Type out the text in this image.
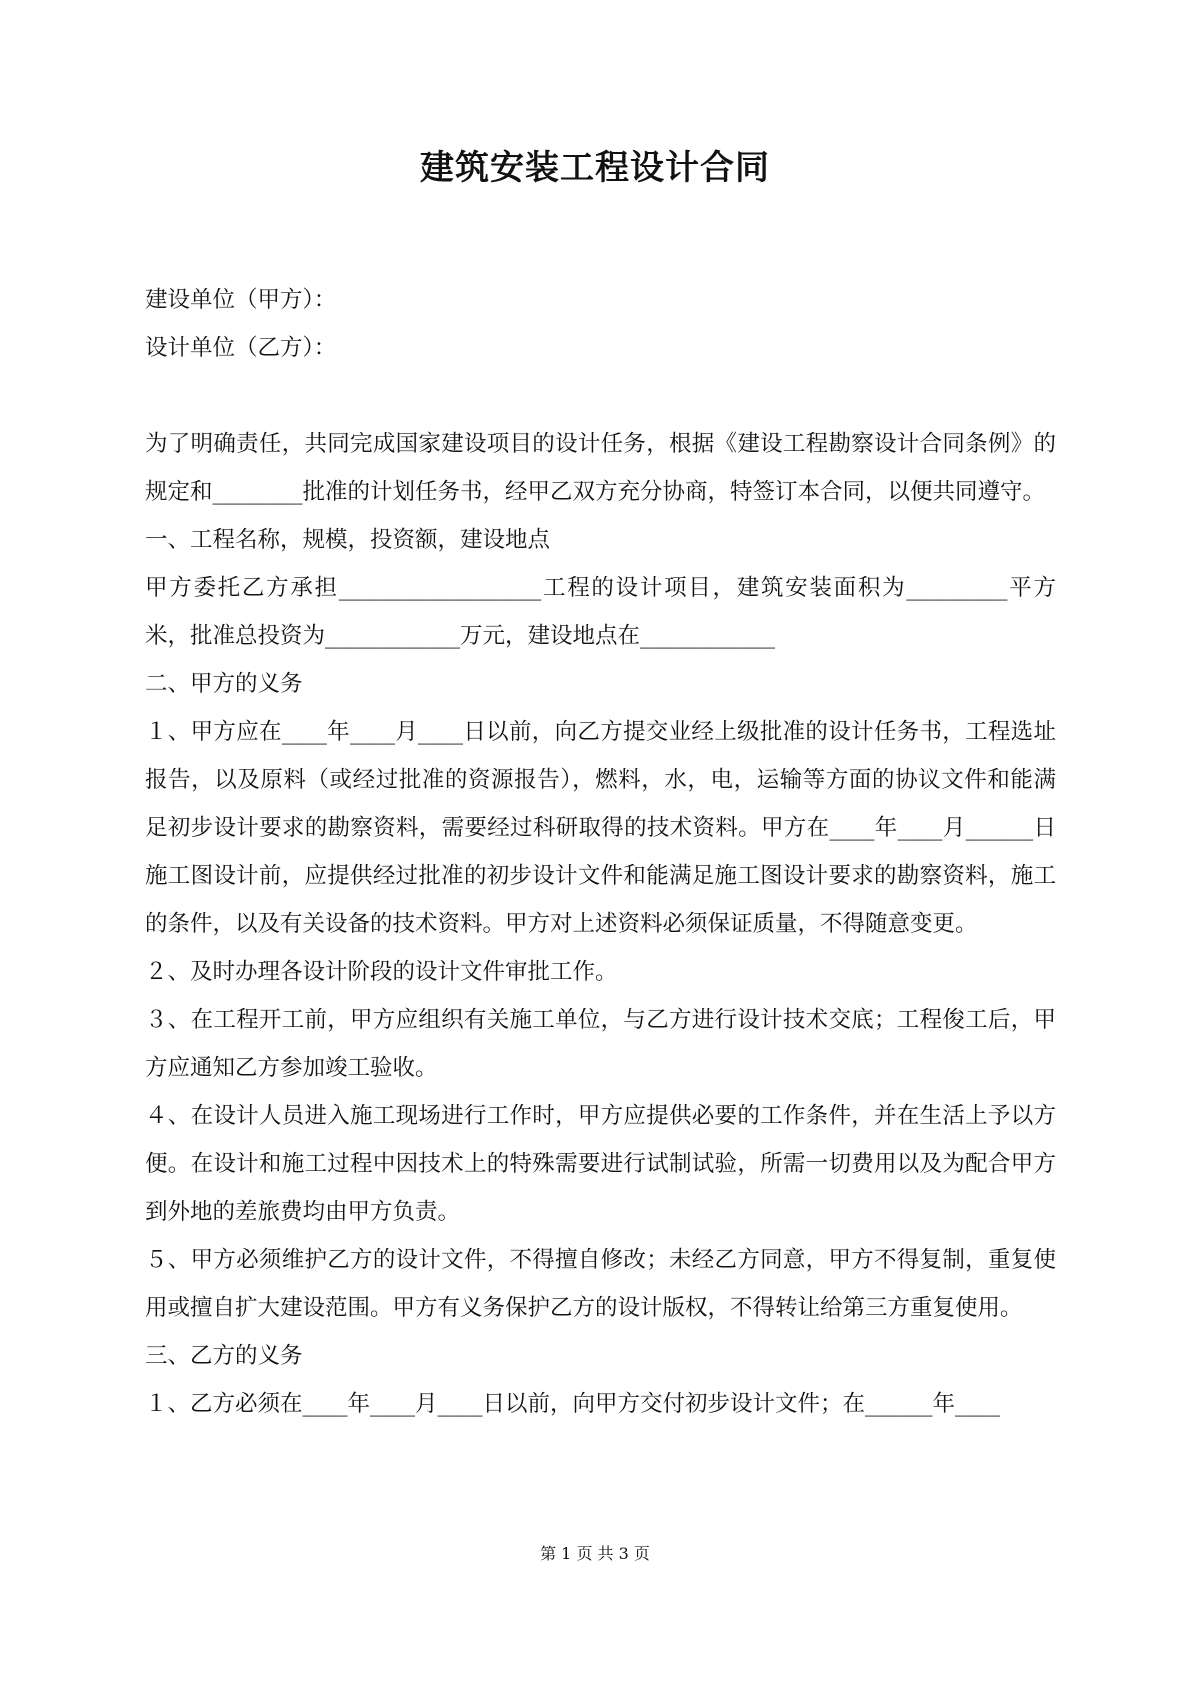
建筑安装工程设计合同

建设单位（甲方）：

设计单位（乙方）：

为了明确责任，共同完成国家建设项目的设计任务，根据《建设工程勘察设计合同条例》的规定和________批准的计划任务书，经甲乙双方充分协商，特签订本合同，以便共同遵守。

一、工程名称，规模，投资额，建设地点

甲方委托乙方承担__________________工程的设计项目，建筑安装面积为_________平方米，批准总投资为____________万元，建设地点在____________

二、甲方的义务

１、甲方应在____年____月____日以前，向乙方提交业经上级批准的设计任务书，工程选址报告，以及原料（或经过批准的资源报告），燃料，水，电，运输等方面的协议文件和能满足初步设计要求的勘察资料，需要经过科研取得的技术资料。甲方在____年____月______日施工图设计前，应提供经过批准的初步设计文件和能满足施工图设计要求的勘察资料，施工的条件，以及有关设备的技术资料。甲方对上述资料必须保证质量，不得随意变更。

２、及时办理各设计阶段的设计文件审批工作。

３、在工程开工前，甲方应组织有关施工单位，与乙方进行设计技术交底；工程俊工后，甲方应通知乙方参加竣工验收。

４、在设计人员进入施工现场进行工作时，甲方应提供必要的工作条件，并在生活上予以方便。在设计和施工过程中因技术上的特殊需要进行试制试验，所需一切费用以及为配合甲方到外地的差旅费均由甲方负责。

５、甲方必须维护乙方的设计文件，不得擅自修改；未经乙方同意，甲方不得复制，重复使用或擅自扩大建设范围。甲方有义务保护乙方的设计版权，不得转让给第三方重复使用。

三、乙方的义务

１、乙方必须在____年____月____日以前，向甲方交付初步设计文件；在______年____

第 1 页 共 3 页
